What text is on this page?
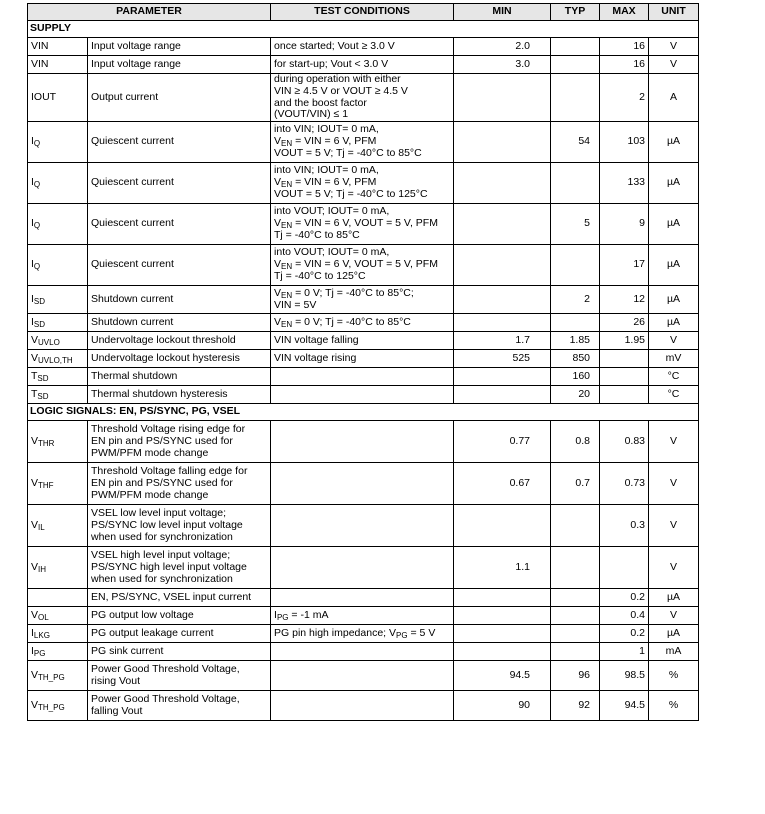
PARAMETER		TEST CONDITIONS	MIN	TYP	MAX	UNIT
SUPPLY						
VIN	Input voltage range	once started; Vout ≥ 3.0 V	2.0		16	V
VIN	Input voltage range	for start-up; Vout < 3.0 V	3.0		16	V
IOUT	Output current	during operation with either
VIN ≥ 4.5 V or VOUT ≥ 4.5 V
and the boost factor
(VOUT/VIN) ≤ 1			2	A
$I_Q$	Quiescent current	into VIN; IOUT= 0 mA,
$V_{EN}$ = VIN = 6 V, PFM
VOUT = 5 V; Tj = -40°C to 85°C		54	103	µA
$I_Q$	Quiescent current	into VIN; IOUT= 0 mA,
$V_{EN}$ = VIN = 6 V, PFM
VOUT = 5 V; Tj = -40°C to 125°C			133	µA
$I_Q$	Quiescent current	into VOUT; IOUT= 0 mA,
$V_{EN}$ = VIN = 6 V, VOUT = 5 V, PFM
Tj = -40°C to 85°C		5	9	µA
$I_Q$	Quiescent current	into VOUT; IOUT= 0 mA,
$V_{EN}$ = VIN = 6 V, VOUT = 5 V, PFM
Tj = -40°C to 125°C			17	µA
$I_{SD}$	Shutdown current	$V_{EN} = 0$ V; Tj = -40°C to 85°C;
VIN = 5V		2	12	µA
$I_{SD}$	Shutdown current	$V_{EN} = 0$ V; Tj = -40°C to 85°C			26	µA
$V_{UVLO}$	Undervoltage lockout threshold	VIN voltage falling	1.7	1.85	1.95	V
$V_{UVLO,TH}$	Undervoltage lockout hysteresis	VIN voltage rising	525	850		mV
$T_{SD}$	Thermal shutdown			160		°C
$T_{SD}$	Thermal shutdown hysteresis			20		°C
LOGIC SIGNALS: EN, PS/SYNC, PG, VSEL						
$V_{THR}$	Threshold Voltage rising edge for
EN pin and PS/SYNC used for
PWM/PFM mode change		0.77	0.8	0.83	V
$V_{THF}$	Threshold Voltage falling edge for
EN pin and PS/SYNC used for
PWM/PFM mode change		0.67	0.7	0.73	V
$V_{IL}$	VSEL low level input voltage;
PS/SYNC low level input voltage
when used for synchronization				0.3	V
$V_{IH}$	VSEL high level input voltage;
PS/SYNC high level input voltage
when used for synchronization		1.1			V

	EN, PS/SYNC, VSEL input current				0.2	µA
$V_{OL}$	PG output low voltage	$I_{PG} = -1$ mA			0.4	V
$I_{LKG}$	PG output leakage current	PG pin high impedance; $V_{PG} = 5$ V			0.2	µA
$I_{PG}$	PG sink current				1	mA
$V_{TH\_PG}$	Power Good Threshold Voltage,
rising Vout		94.5	96	98.5	%
$V_{TH\_PG}$	Power Good Threshold Voltage,
falling Vout		90	92	94.5	%
